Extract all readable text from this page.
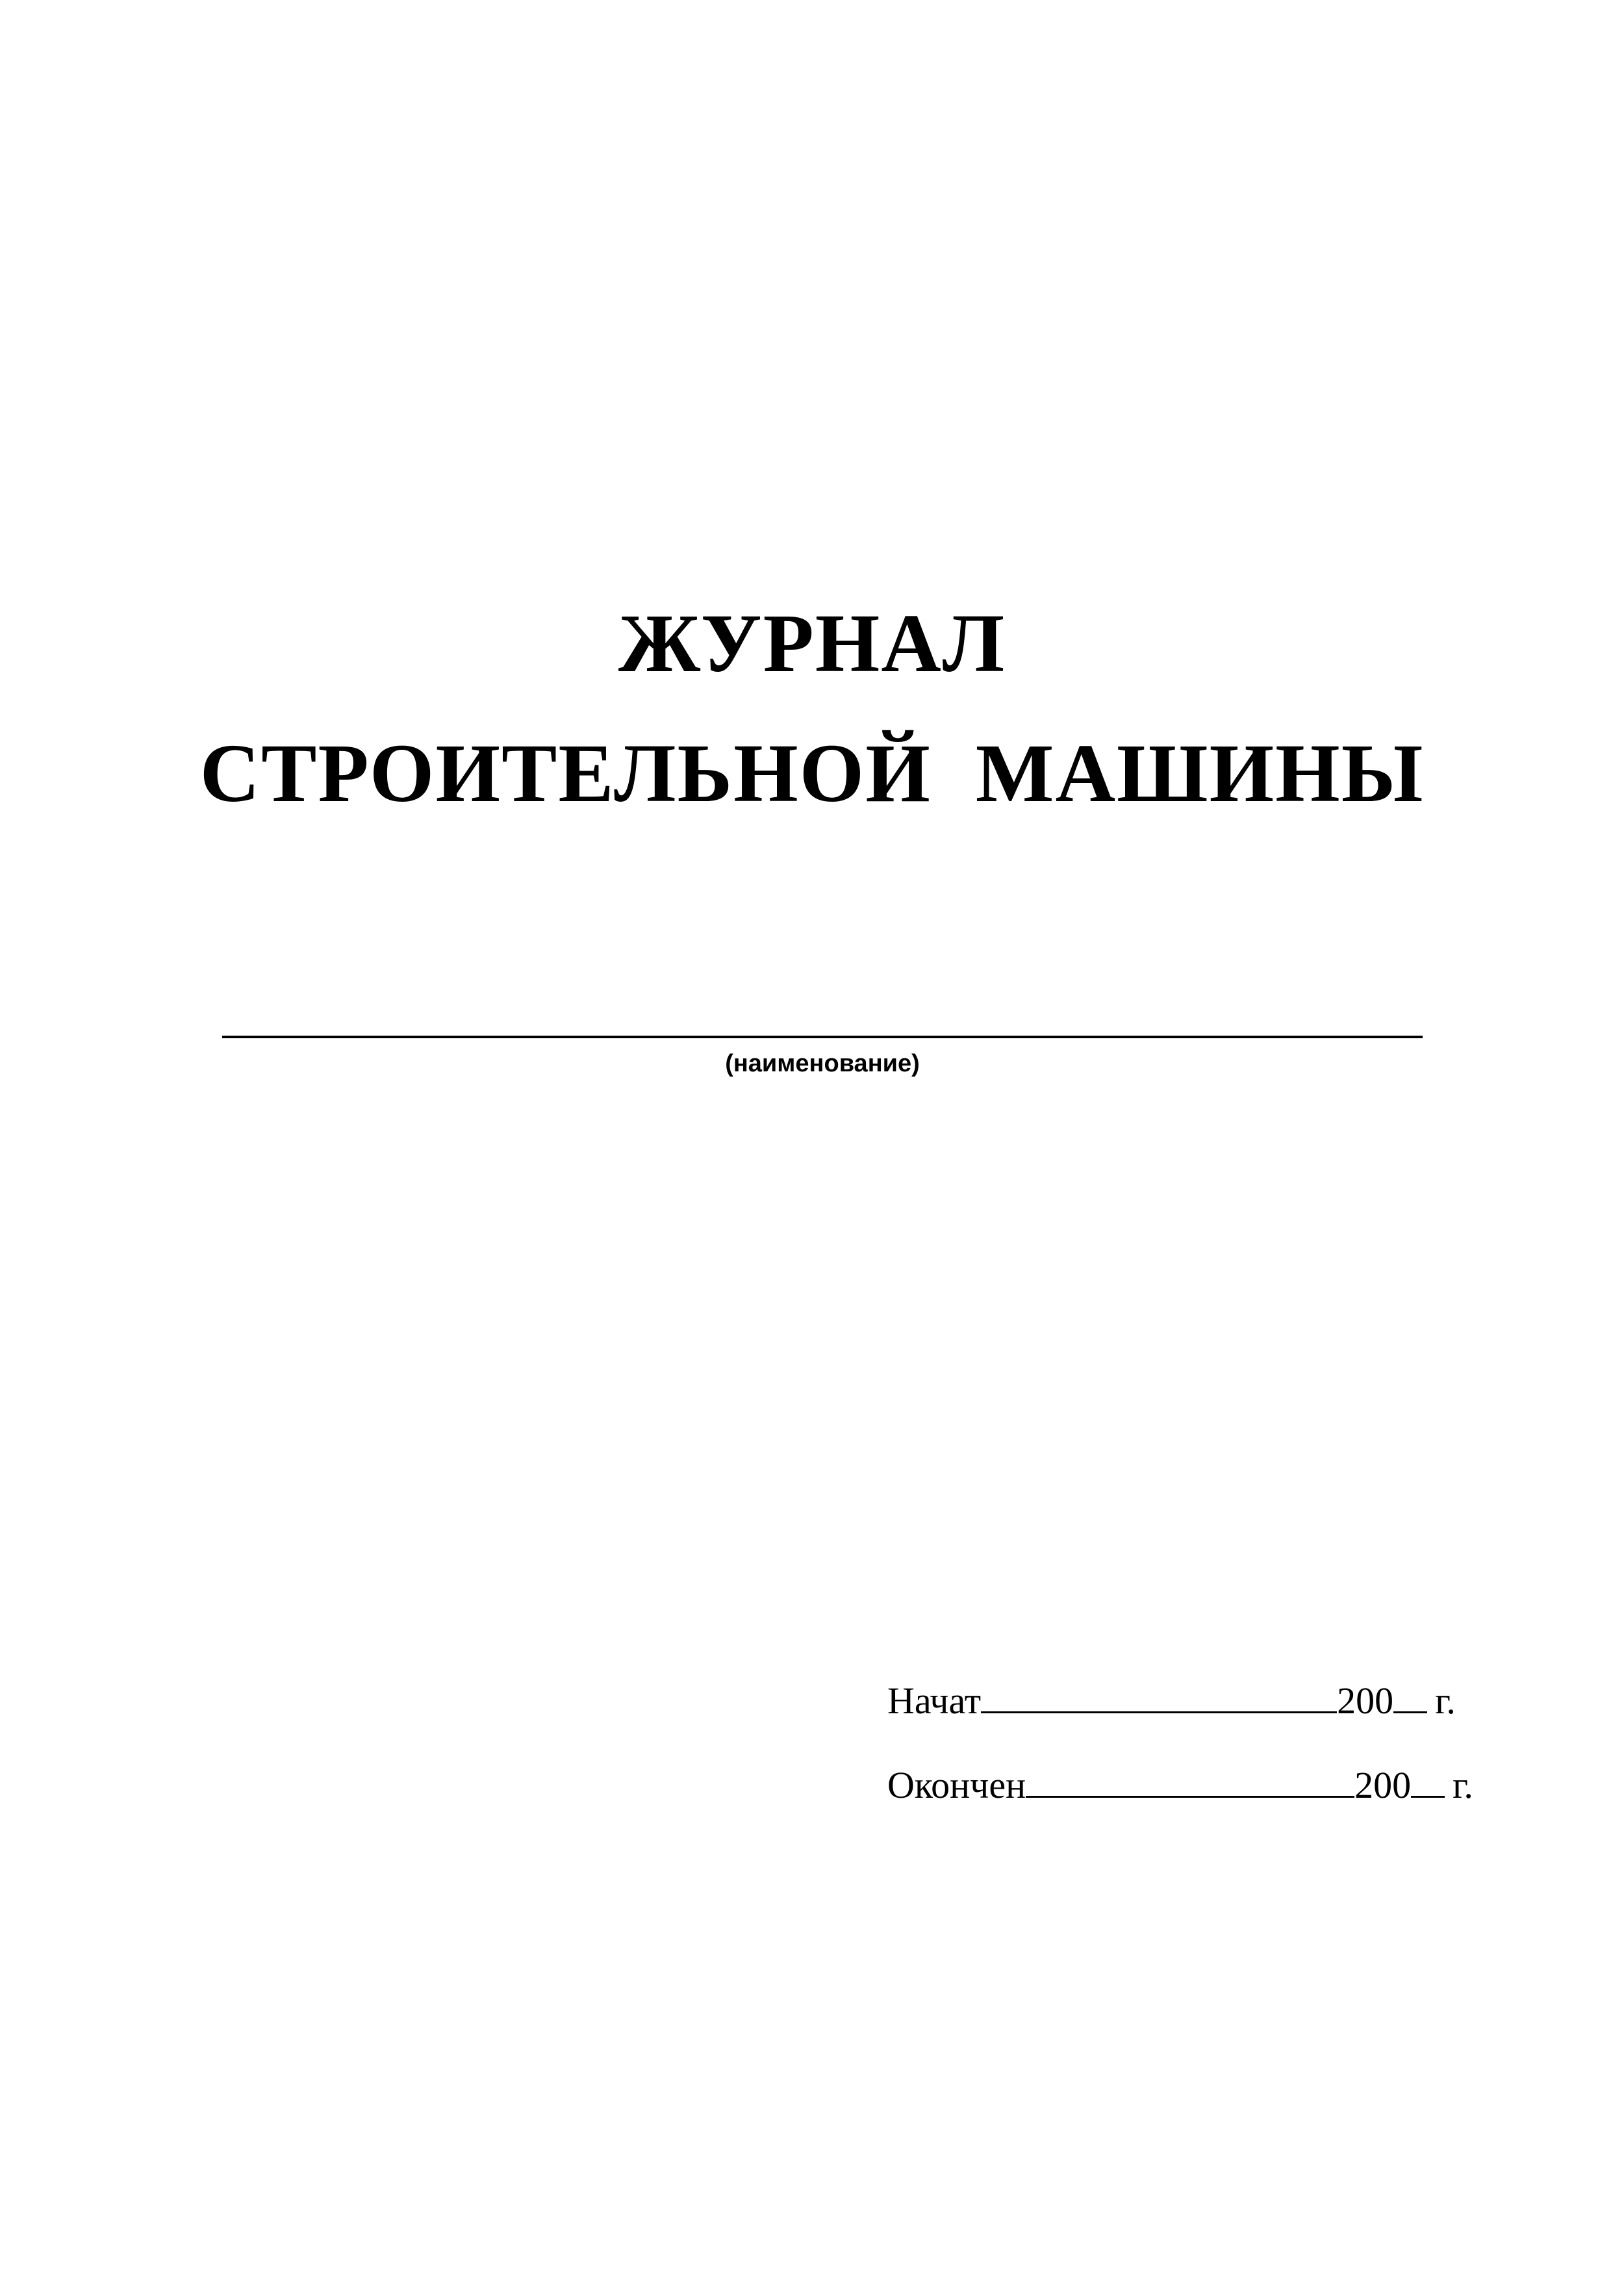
ЖУРНАЛ
СТРОИТЕЛЬНОЙ  МАШИНЫ
(наименование)
Начат	200 г.
Окончен	200 г.
